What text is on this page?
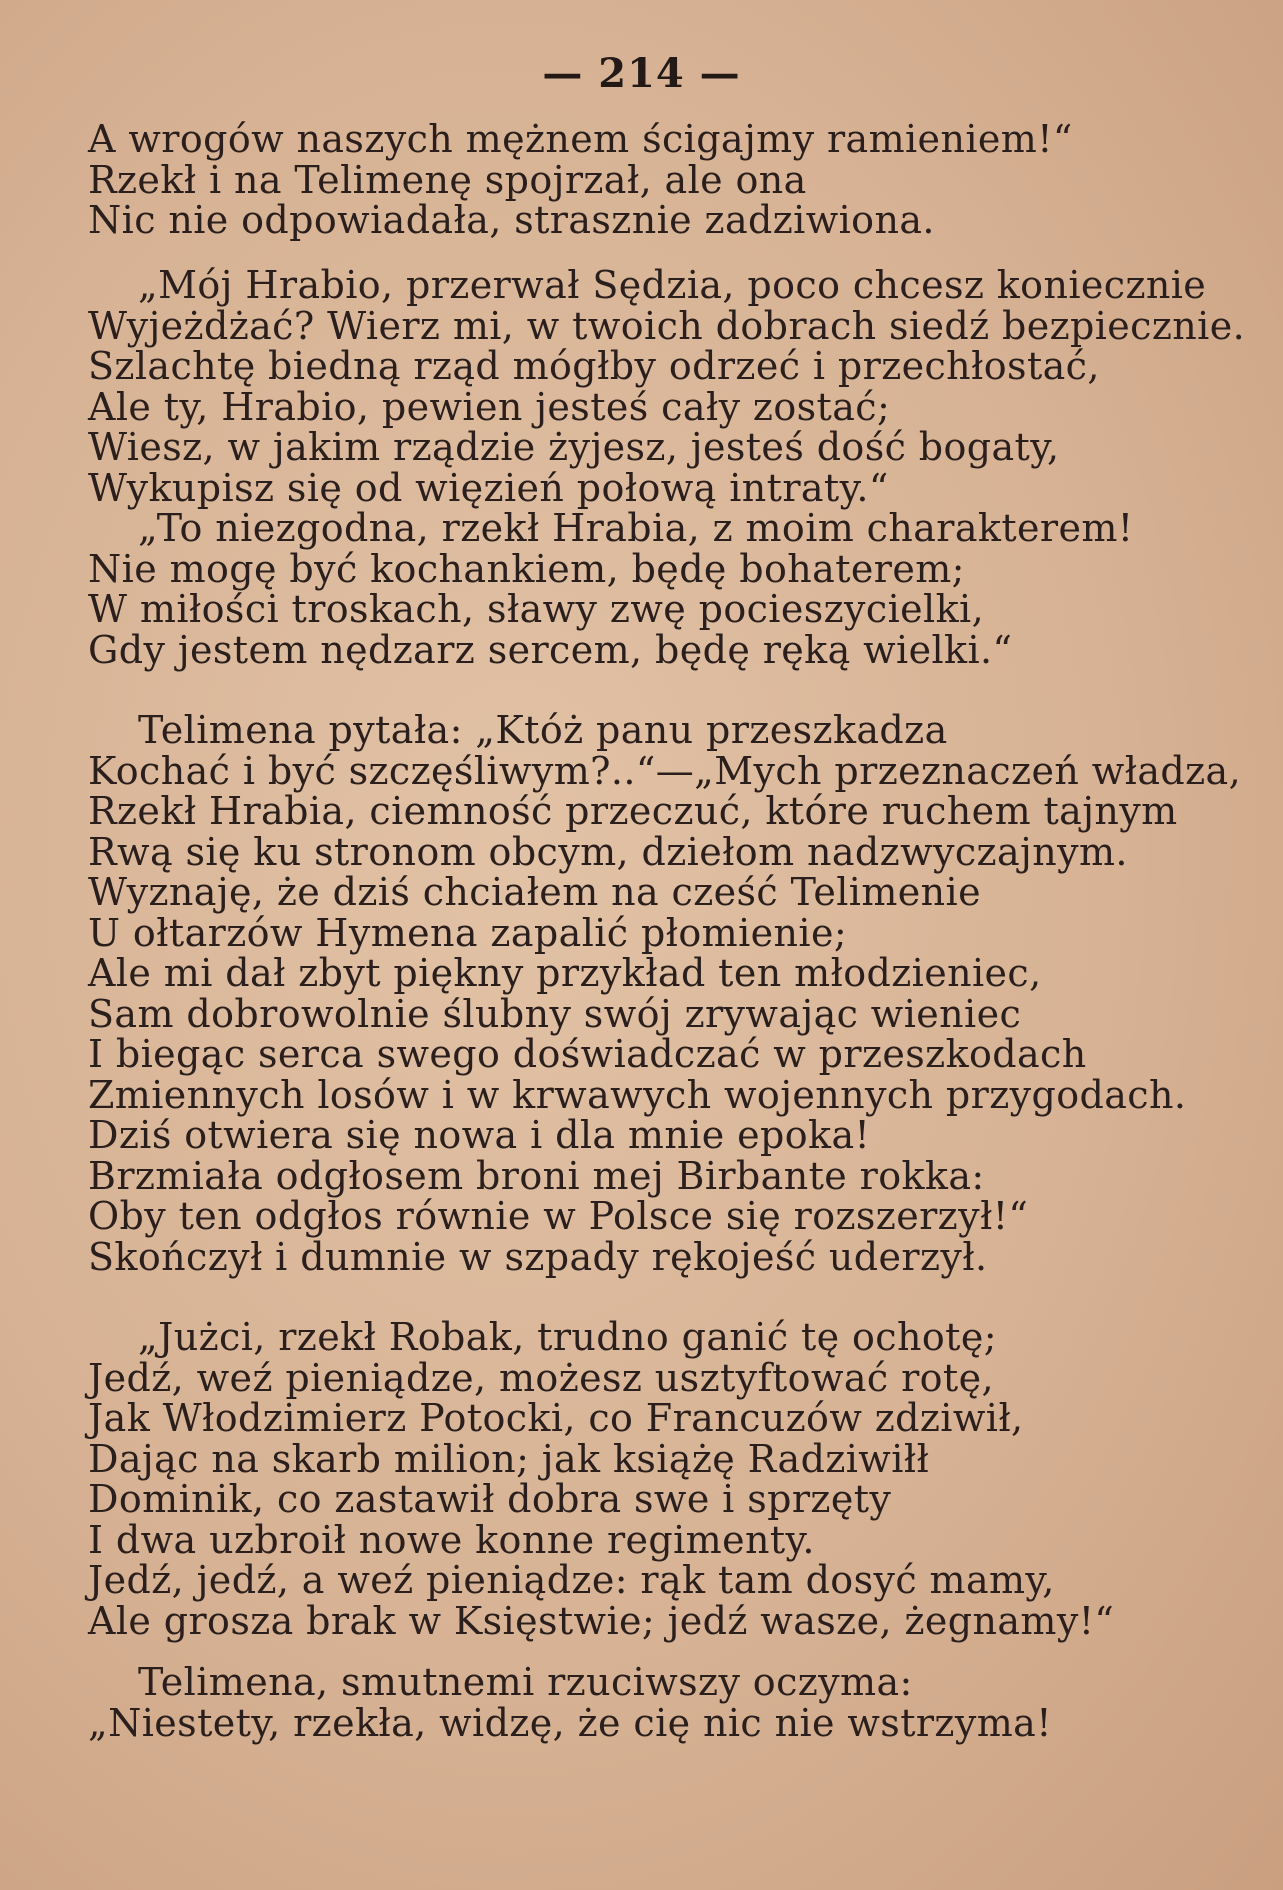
— 214 —
A wrogów naszych mężnem ścigajmy ramieniem!“
Rzekł i na Telimenę spojrzał, ale ona
Nic nie odpowiadała, strasznie zadziwiona.
„Mój Hrabio, przerwał Sędzia, poco chcesz koniecznie
Wyjeżdżać? Wierz mi, w twoich dobrach siedź bezpiecznie.
Szlachtę biedną rząd mógłby odrzeć i przechłostać,
Ale ty, Hrabio, pewien jesteś cały zostać;
Wiesz, w jakim rządzie żyjesz, jesteś dość bogaty,
Wykupisz się od więzień połową intraty.“
„To niezgodna, rzekł Hrabia, z moim charakterem!
Nie mogę być kochankiem, będę bohaterem;
W miłości troskach, sławy zwę pocieszycielki,
Gdy jestem nędzarz sercem, będę ręką wielki.“
Telimena pytała: „Któż panu przeszkadza
Kochać i być szczęśliwym?..“—„Mych przeznaczeń władza,
Rzekł Hrabia, ciemność przeczuć, które ruchem tajnym
Rwą się ku stronom obcym, dziełom nadzwyczajnym.
Wyznaję, że dziś chciałem na cześć Telimenie
U ołtarzów Hymena zapalić płomienie;
Ale mi dał zbyt piękny przykład ten młodzieniec,
Sam dobrowolnie ślubny swój zrywając wieniec
I biegąc serca swego doświadczać w przeszkodach
Zmiennych losów i w krwawych wojennych przygodach.
Dziś otwiera się nowa i dla mnie epoka!
Brzmiała odgłosem broni mej Birbante rokka:
Oby ten odgłos równie w Polsce się rozszerzył!“
Skończył i dumnie w szpady rękojeść uderzył.
„Jużci, rzekł Robak, trudno ganić tę ochotę;
Jedź, weź pieniądze, możesz usztyftować rotę,
Jak Włodzimierz Potocki, co Francuzów zdziwił,
Dając na skarb milion; jak książę Radziwiłł
Dominik, co zastawił dobra swe i sprzęty
I dwa uzbroił nowe konne regimenty.
Jedź, jedź, a weź pieniądze: rąk tam dosyć mamy,
Ale grosza brak w Księstwie; jedź wasze, żegnamy!“
Telimena, smutnemi rzuciwszy oczyma:
„Niestety, rzekła, widzę, że cię nic nie wstrzyma!
